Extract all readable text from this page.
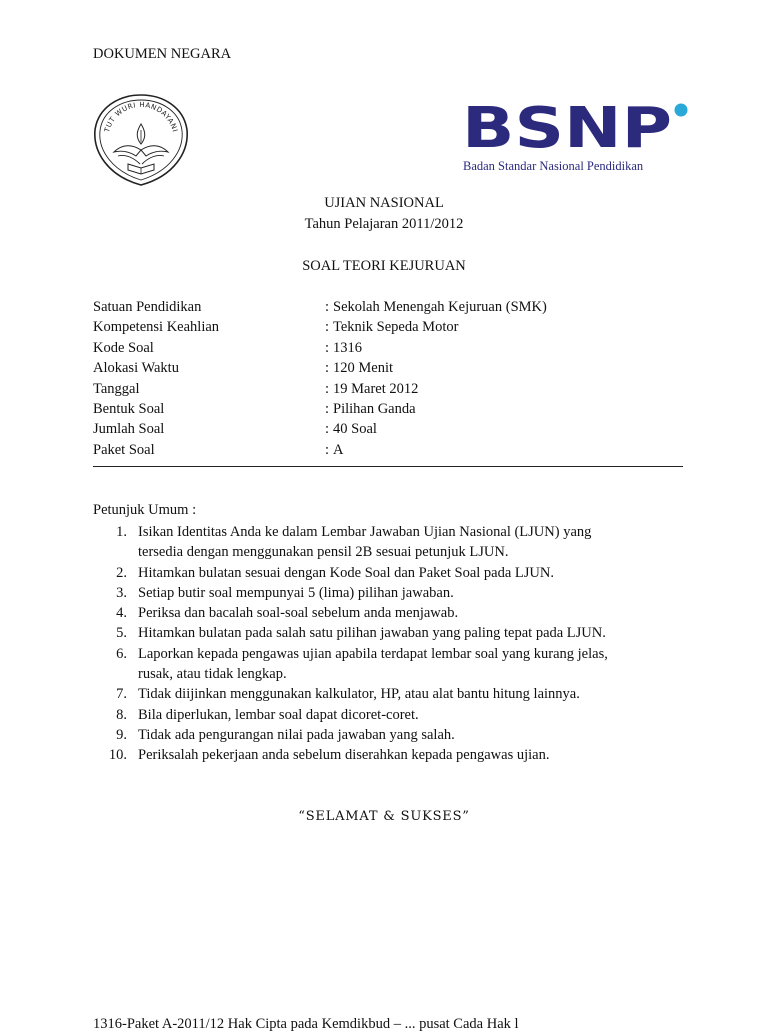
DOKUMEN NEGARA
TUT WURI HANDAYANI	BSNP
Badan Standar Nasional Pendidikan
UJIAN NASIONAL
Tahun Pelajaran 2011/2012
SOAL TEORI KEJURUAN
Satuan Pendidikan	: Sekolah Menengah Kejuruan (SMK)
Kompetensi Keahlian	: Teknik Sepeda Motor
Kode Soal	: 1316
Alokasi Waktu	: 120 Menit
Tanggal	: 19 Maret 2012
Bentuk Soal	: Pilihan Ganda
Jumlah Soal	: 40 Soal
Paket Soal	: A
Petunjuk Umum :
1. Isikan Identitas Anda ke dalam Lembar Jawaban Ujian Nasional (LJUN) yang
tersedia dengan menggunakan pensil 2B sesuai petunjuk LJUN.
2. Hitamkan bulatan sesuai dengan Kode Soal dan Paket Soal pada LJUN.
3. Setiap butir soal mempunyai 5 (lima) pilihan jawaban.
4. Periksa dan bacalah soal-soal sebelum anda menjawab.
5. Hitamkan bulatan pada salah satu pilihan jawaban yang paling tepat pada LJUN.
6. Laporkan kepada pengawas ujian apabila terdapat lembar soal yang kurang jelas,
rusak, atau tidak lengkap.
7. Tidak diijinkan menggunakan kalkulator, HP, atau alat bantu hitung lainnya.
8. Bila diperlukan, lembar soal dapat dicoret-coret.
9. Tidak ada pengurangan nilai pada jawaban yang salah.
10. Periksalah pekerjaan anda sebelum diserahkan kepada pengawas ujian.
“SELAMAT & SUKSES”
1316-Paket A-2011/12 Hak Cipta pada Kemdikbud – ... pusat Cada Hak l
